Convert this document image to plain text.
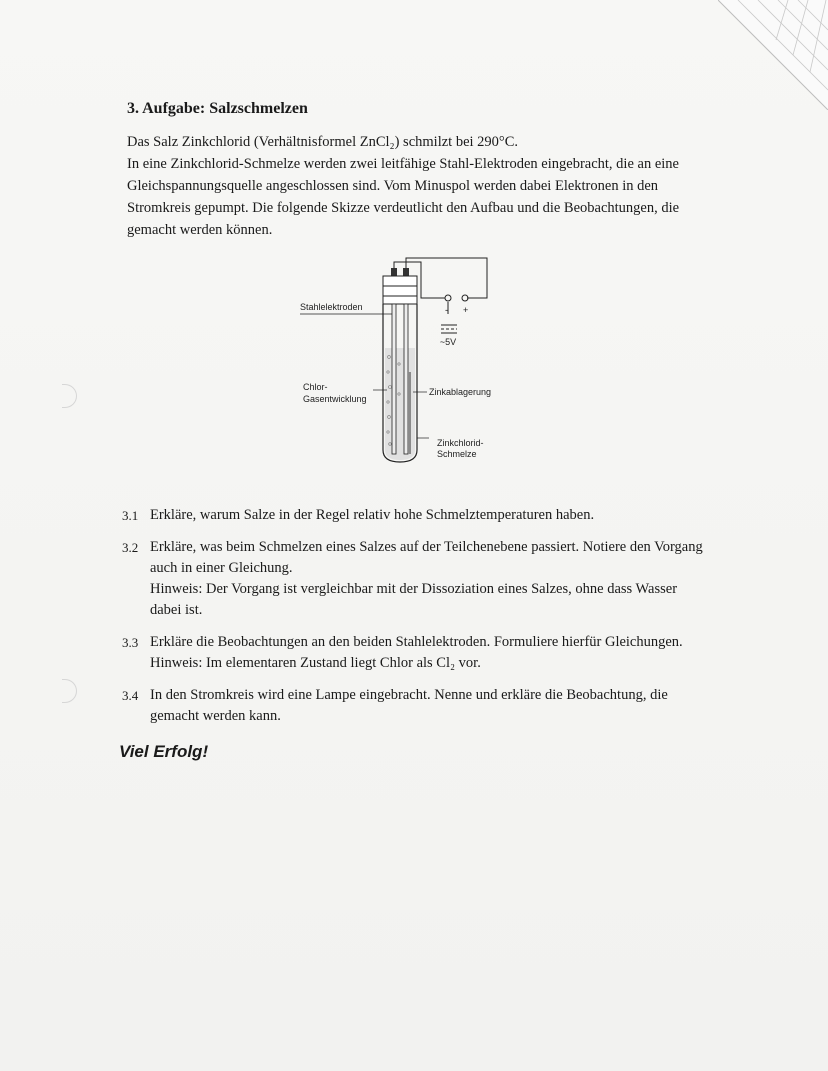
3. Aufgabe: Salzschmelzen

Das Salz Zinkchlorid (Verhältnisformel ZnCl₂) schmilzt bei 290°C.

In eine Zinkchlorid-Schmelze werden zwei leitfähige Stahl-Elektroden eingebracht, die an eine Gleichspannungsquelle angeschlossen sind. Vom Minuspol werden dabei Elektronen in den Stromkreis gepumpt. Die folgende Skizze verdeutlicht den Aufbau und die Beobachtungen, die gemacht werden können.

- +
~5V
Stahlelektroden
Chlor-
Gasentwicklung
Zinkablagerung
Zinkchlorid-
Schmelze
3.1 Erkläre, warum Salze in der Regel relativ hohe Schmelztemperaturen haben.

3.2 Erkläre, was beim Schmelzen eines Salzes auf der Teilchenebene passiert. Notiere den Vorgang auch in einer Gleichung.

Hinweis: Der Vorgang ist vergleichbar mit der Dissoziation eines Salzes, ohne dass Wasser dabei ist.

3.3 Erkläre die Beobachtungen an den beiden Stahlelektroden. Formuliere hierfür Gleichungen. Hinweis: Im elementaren Zustand liegt Chlor als Cl₂ vor.

3.4 In den Stromkreis wird eine Lampe eingebracht. Nenne und erkläre die Beobachtung, die gemacht werden kann.

Viel Erfolg!
